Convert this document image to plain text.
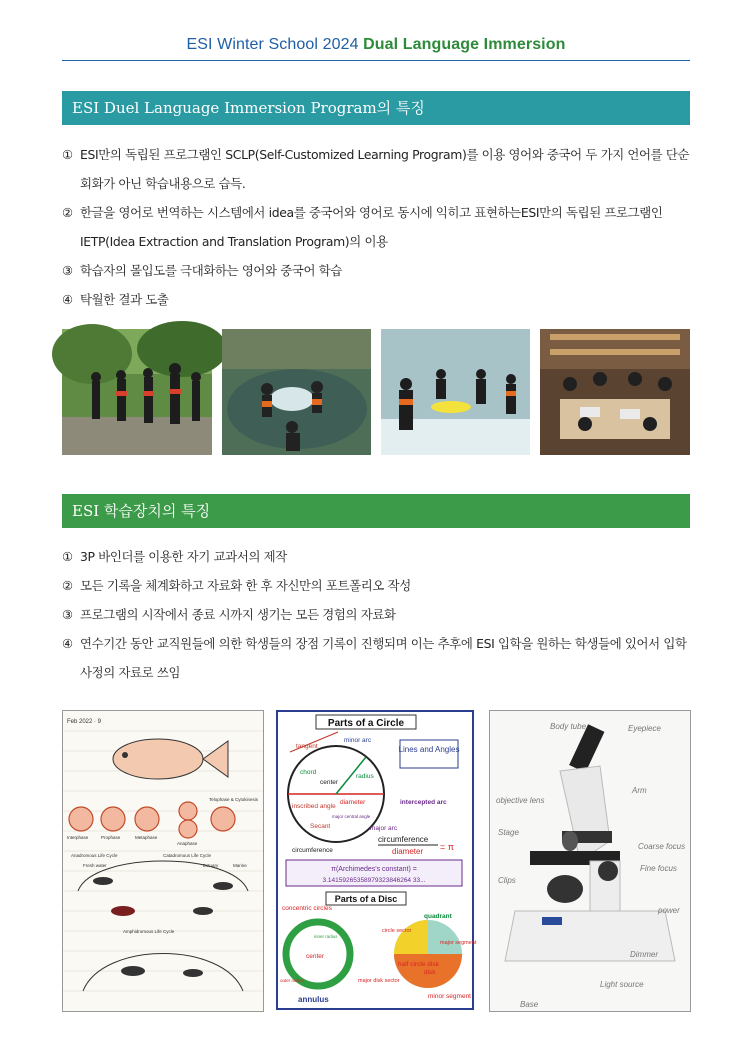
ESI Winter School 2024 Dual Language Immersion
ESI Duel Language Immersion Program의 특징
① ESI만의 독립된 프로그램인 SCLP(Self-Customized Learning Program)를 이용 영어와 중국어 두 가지 언어를 단순회화가 아닌 학습내용으로 습득.
② 한글을 영어로 번역하는 시스템에서 idea를 중국어와 영어로 동시에 익히고 표현하는ESI만의 독립된 프로그램인 IETP(Idea Extraction and Translation Program)의 이용
③ 학습자의 몰입도를 극대화하는 영어와 중국어 학습
④ 탁월한 결과 도출
ESI 학습장치의 특징
① 3P 바인더를 이용한 자기 교과서의 제작
② 모든 기록을 체계화하고 자료화 한 후 자신만의 포트폴리오 작성
③ 프로그램의 시작에서 종료 시까지 생기는 모든 경험의 자료화
④ 연수기간 동안 교직원들에 의한 학생들의 장점 기록이 진행되며 이는 추후에 ESI 입학을 원하는 학생들에 있어서 입학사정의 자료로 쓰임
Feb 2022 · 9
Interphase	Prophase	Metaphase
Anaphase
Telophase & Cytokinesis
Anadromous Life Cycle	Catadromous Life Cycle
Amphidromous Life Cycle
Fresh water	Estuary	Marine
Parts of a Circle
Lines and Angles
tangent
minor arc
chord
center
radius
diameter
inscribed angle
Secant
major central angle
major arc
intercepted arc
circumference
circumference
diameter = π
π(Archimedes's constant) =
3.14159265358979323846264 33...
Parts of a Disc
concentric circles
quadrant
center
disk
circle sector
half circle disk
major segment
minor segment
major disk sector
inner radius
outer radius
annulus
Body tube	Eyepiece
Arm
objective lens
Stage
Clips
Coarse focus
Fine focus
power
Dimmer
Light source
Base
